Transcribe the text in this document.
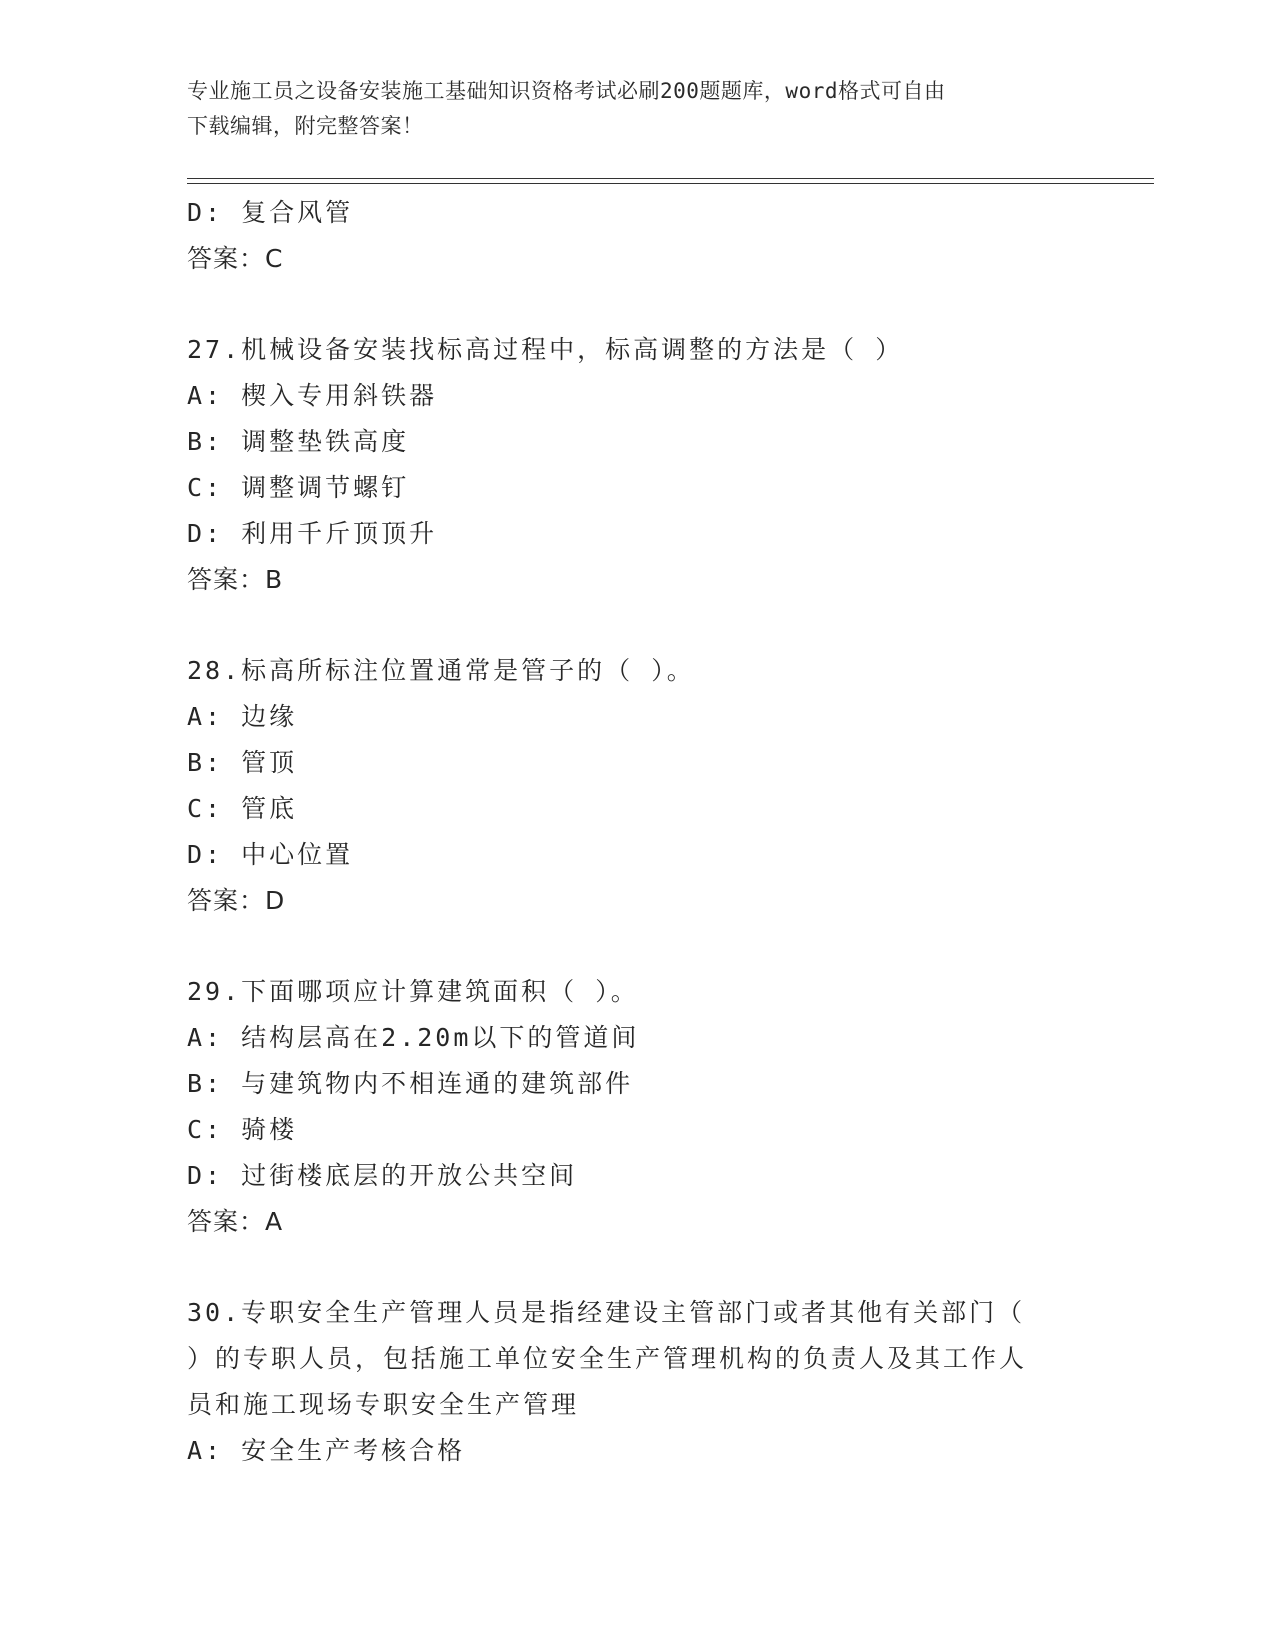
专业施工员之设备安装施工基础知识资格考试必刷200题题库，word格式可自由
下载编辑，附完整答案！
D: 复合风管
答案：C
27.机械设备安装找标高过程中，标高调整的方法是（ ）
A: 楔入专用斜铁器
B: 调整垫铁高度
C: 调整调节螺钉
D: 利用千斤顶顶升
答案：B
28.标高所标注位置通常是管子的（ ）。
A: 边缘
B: 管顶
C: 管底
D: 中心位置
答案：D
29.下面哪项应计算建筑面积（ ）。
A: 结构层高在2.20m以下的管道间
B: 与建筑物内不相连通的建筑部件
C: 骑楼
D: 过街楼底层的开放公共空间
答案：A
30.专职安全生产管理人员是指经建设主管部门或者其他有关部门（
）的专职人员，包括施工单位安全生产管理机构的负责人及其工作人
员和施工现场专职安全生产管理
A: 安全生产考核合格
